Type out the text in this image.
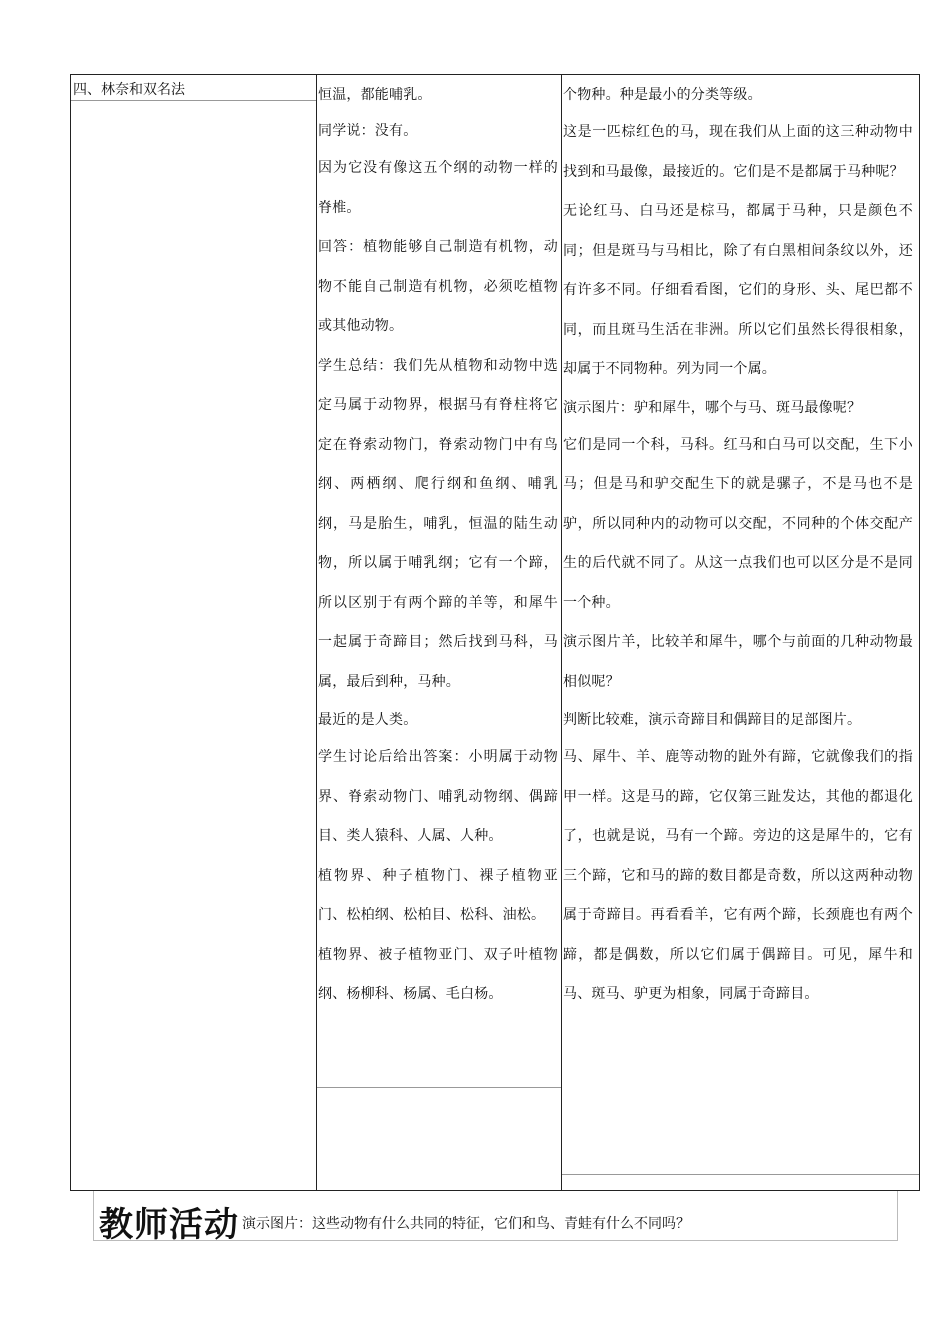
四、林奈和双名法	恒温，都能哺乳。

同学说：没有。

因为它没有像这五个纲的动物一样的脊椎。

回答：植物能够自己制造有机物，动物不能自己制造有机物，必须吃植物或其他动物。

学生总结：我们先从植物和动物中选定马属于动物界，根据马有脊柱将它定在脊索动物门，脊索动物门中有鸟纲、两栖纲、爬行纲和鱼纲、哺乳纲，马是胎生，哺乳，恒温的陆生动物，所以属于哺乳纲；它有一个蹄，所以区别于有两个蹄的羊等，和犀牛一起属于奇蹄目；然后找到马科，马属，最后到种，马种。

最近的是人类。

学生讨论后给出答案：小明属于动物界、脊索动物门、哺乳动物纲、偶蹄目、类人猿科、人属、人种。

植物界、种子植物门、裸子植物亚门、松柏纲、松柏目、松科、油松。

植物界、被子植物亚门、双子叶植物纲、杨柳科、杨属、毛白杨。

个物种。种是最小的分类等级。

这是一匹棕红色的马，现在我们从上面的这三种动物中找到和马最像，最接近的。它们是不是都属于马种呢？

无论红马、白马还是棕马，都属于马种，只是颜色不同；但是斑马与马相比，除了有白黑相间条纹以外，还有许多不同。仔细看看图，它们的身形、头、尾巴都不同，而且斑马生活在非洲。所以它们虽然长得很相象，却属于不同物种。列为同一个属。

演示图片：驴和犀牛，哪个与马、斑马最像呢？

它们是同一个科，马科。红马和白马可以交配，生下小马；但是马和驴交配生下的就是骡子，不是马也不是驴，所以同种内的动物可以交配，不同种的个体交配产生的后代就不同了。从这一点我们也可以区分是不是同一个种。

演示图片羊，比较羊和犀牛，哪个与前面的几种动物最相似呢？

判断比较难，演示奇蹄目和偶蹄目的足部图片。

马、犀牛、羊、鹿等动物的趾外有蹄，它就像我们的指甲一样。这是马的蹄，它仅第三趾发达，其他的都退化了，也就是说，马有一个蹄。旁边的这是犀牛的，它有三个蹄，它和马的蹄的数目都是奇数，所以这两种动物属于奇蹄目。再看看羊，它有两个蹄，长颈鹿也有两个蹄，都是偶数，所以它们属于偶蹄目。可见，犀牛和马、斑马、驴更为相象，同属于奇蹄目。

教师活动 演示图片：这些动物有什么共同的特征，它们和鸟、青蛙有什么不同吗？
